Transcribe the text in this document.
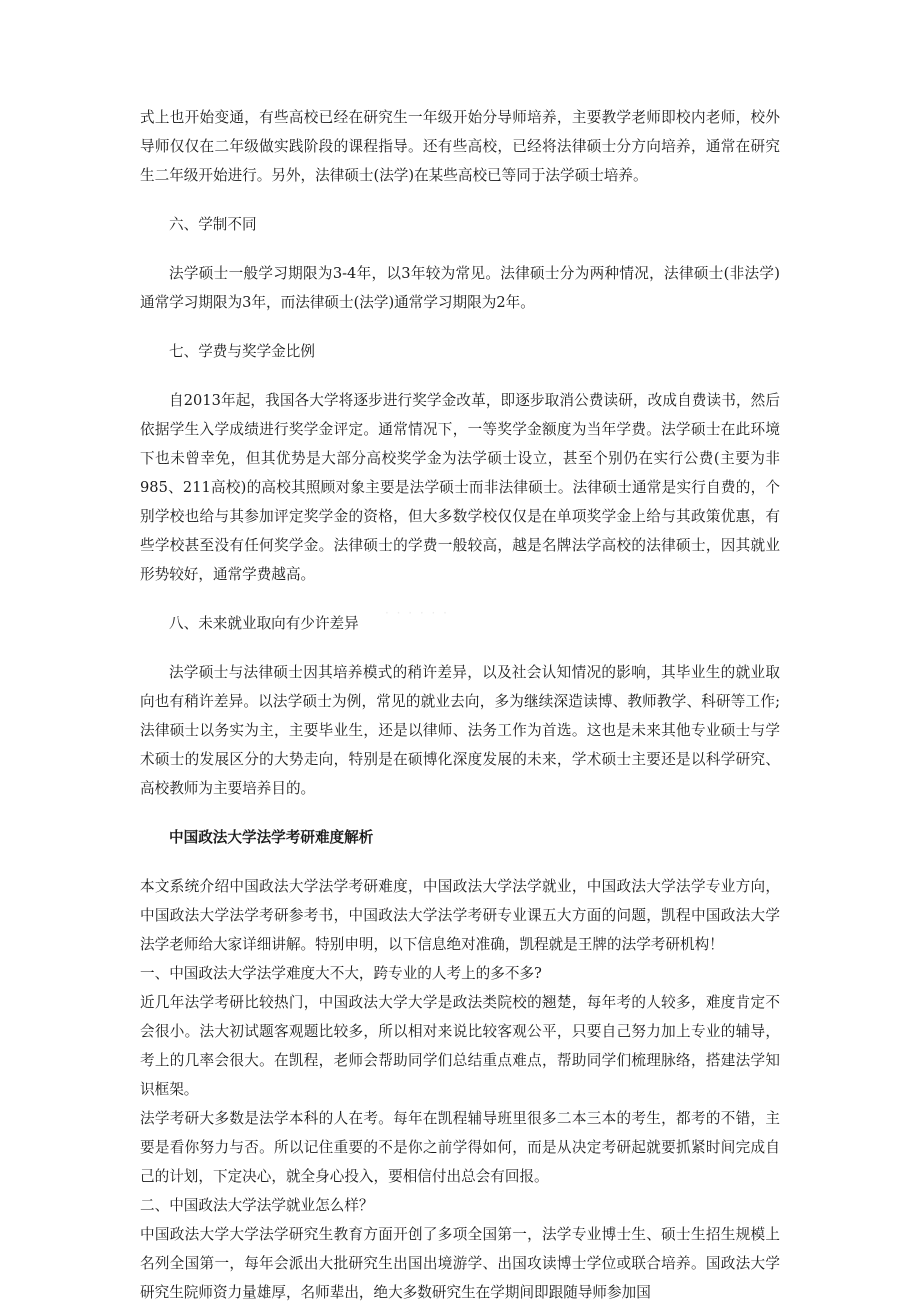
· · · · · ·

式上也开始变通，有些高校已经在研究生一年级开始分导师培养，主要教学老师即校内老师，校外导师仅仅在二年级做实践阶段的课程指导。还有些高校，已经将法律硕士分方向培养，通常在研究生二年级开始进行。另外，法律硕士(法学)在某些高校已等同于法学硕士培养。

六、学制不同

法学硕士一般学习期限为3-4年，以3年较为常见。法律硕士分为两种情况，法律硕士(非法学)通常学习期限为3年，而法律硕士(法学)通常学习期限为2年。

七、学费与奖学金比例

自2013年起，我国各大学将逐步进行奖学金改革，即逐步取消公费读研，改成自费读书，然后依据学生入学成绩进行奖学金评定。通常情况下，一等奖学金额度为当年学费。法学硕士在此环境下也未曾幸免，但其优势是大部分高校奖学金为法学硕士设立，甚至个别仍在实行公费(主要为非985、211高校)的高校其照顾对象主要是法学硕士而非法律硕士。法律硕士通常是实行自费的，个别学校也给与其参加评定奖学金的资格，但大多数学校仅仅是在单项奖学金上给与其政策优惠，有些学校甚至没有任何奖学金。法律硕士的学费一般较高，越是名牌法学高校的法律硕士，因其就业形势较好，通常学费越高。

八、未来就业取向有少许差异

法学硕士与法律硕士因其培养模式的稍许差异，以及社会认知情况的影响，其毕业生的就业取向也有稍许差异。以法学硕士为例，常见的就业去向，多为继续深造读博、教师教学、科研等工作;法律硕士以务实为主，主要毕业生，还是以律师、法务工作为首选。这也是未来其他专业硕士与学术硕士的发展区分的大势走向，特别是在硕博化深度发展的未来，学术硕士主要还是以科学研究、高校教师为主要培养目的。

中国政法大学法学考研难度解析

本文系统介绍中国政法大学法学考研难度，中国政法大学法学就业，中国政法大学法学专业方向，中国政法大学法学考研参考书，中国政法大学法学考研专业课五大方面的问题，凯程中国政法大学法学老师给大家详细讲解。特别申明，以下信息绝对准确，凯程就是王牌的法学考研机构！

一、中国政法大学法学难度大不大，跨专业的人考上的多不多?

近几年法学考研比较热门，中国政法大学大学是政法类院校的翘楚，每年考的人较多，难度肯定不会很小。法大初试题客观题比较多，所以相对来说比较客观公平，只要自己努力加上专业的辅导，考上的几率会很大。在凯程，老师会帮助同学们总结重点难点，帮助同学们梳理脉络，搭建法学知识框架。

法学考研大多数是法学本科的人在考。每年在凯程辅导班里很多二本三本的考生，都考的不错，主要是看你努力与否。所以记住重要的不是你之前学得如何，而是从决定考研起就要抓紧时间完成自己的计划，下定决心，就全身心投入，要相信付出总会有回报。

二、中国政法大学法学就业怎么样？

中国政法大学大学法学研究生教育方面开创了多项全国第一，法学专业博士生、硕士生招生规模上名列全国第一，每年会派出大批研究生出国出境游学、出国攻读博士学位或联合培养。国政法大学研究生院师资力量雄厚，名师辈出，绝大多数研究生在学期间即跟随导师参加国
